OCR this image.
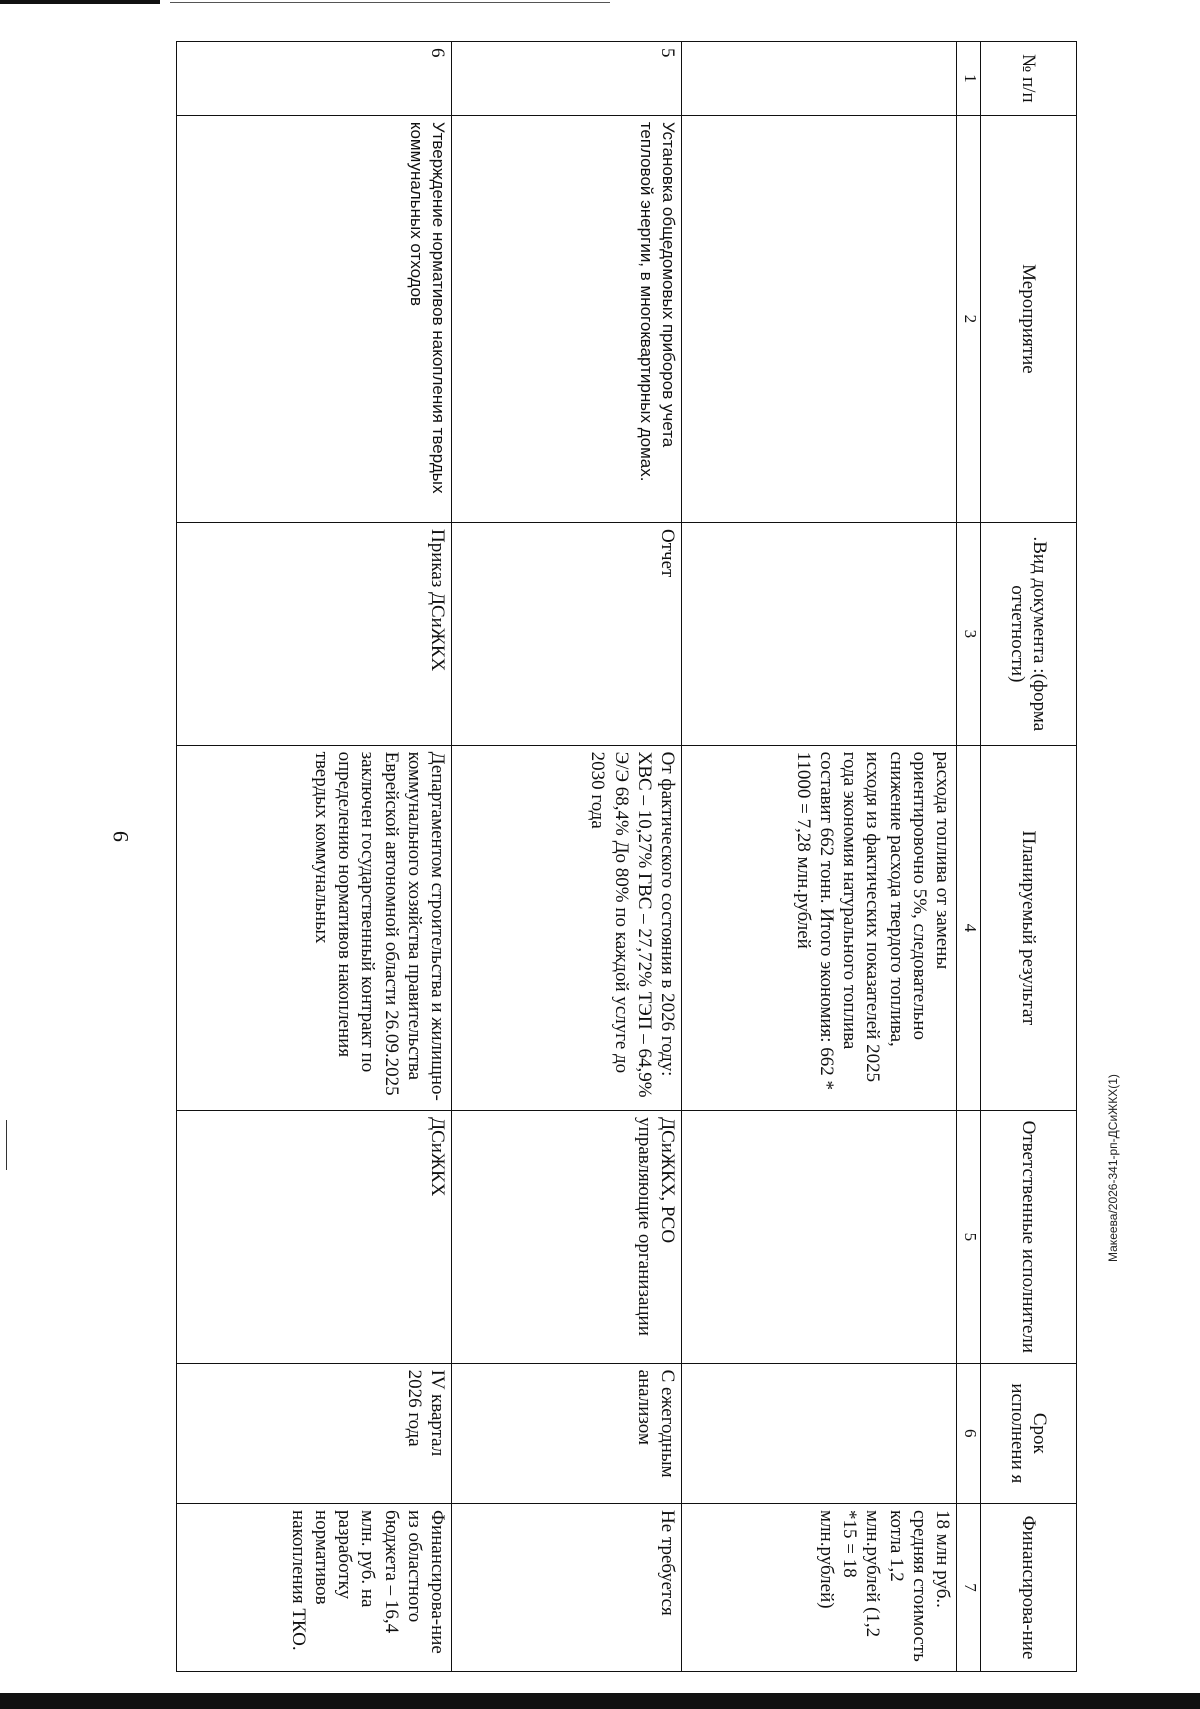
9
Макеева/2026-341-рп-ДСиЖКХ(1)
№ п/п	Мероприятие	.Вид документа :(форма отчетности)	Планируемый результат	Ответственные исполнители	Срок исполнени я	Финансирова-ние
1	2	3	4	5	6	7
			расхода топлива от замены ориентировочно 5%, следовательно снижение расхода твердого топлива, исходя из фактических показателей 2025 года экономия натурального топлива составит 662 тонн. Итого экономия: 662 * 11000 = 7,28 млн.рублей			18 млн руб.. средняя стоимость котла 1,2 млн.рублей (1,2 *15 = 18 млн.рублей)
5	Установка общедомовых приборов учета тепловой энергии, в многоквартирных домах.	Отчет	От фактического состояния в 2026 году: ХВС – 10,27% ГВС – 27,72% ТЭП – 64,9% Э/Э 68,4% До 80% по каждой услуге до 2030 года	ДСиЖКХ, РСО управляющие организации	С ежегодным анализом	Не требуется
6	Утверждение нормативов накопления твердых коммунальных отходов	Приказ ДСиЖКХ	Департаментом строительства и жилищно-коммунального хозяйства правительства Еврейской автономной области 26.09.2025 заключен государственный контракт по определению нормативов накопления твердых коммунальных	ДСиЖКХ	IV квартал 2026 года	Финансирова-ние из областного бюджета – 16,4 млн. руб. на разработку нормативов накопления ТКО.
